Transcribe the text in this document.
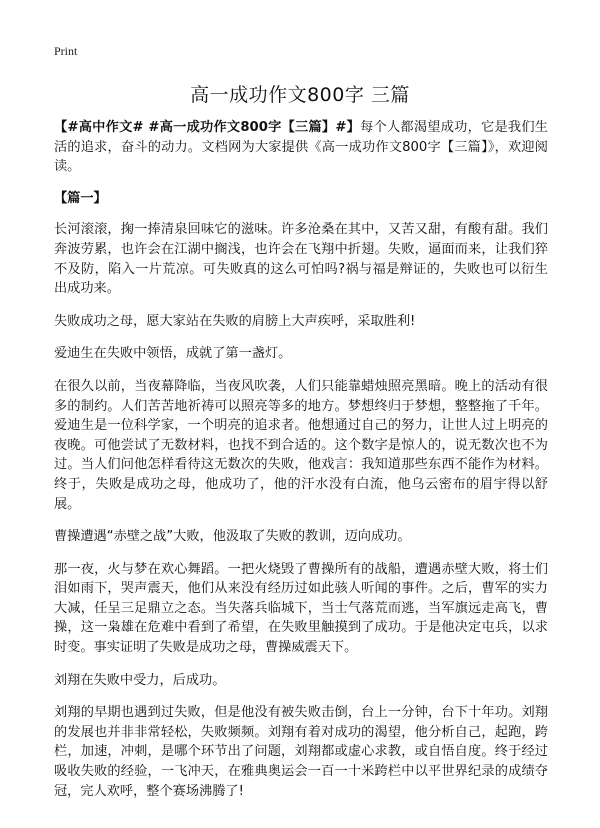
Print
高一成功作文800字 三篇

【#高中作文# #高一成功作文800字【三篇】#】每个人都渴望成功，它是我们生活的追求，奋斗的动力。文档网为大家提供《高一成功作文800字【三篇】》，欢迎阅读。

【篇一】

长河滚滚，掬一捧清泉回味它的滋味。许多沧桑在其中，又苦又甜，有酸有甜。我们奔波劳累，也许会在江湖中搁浅，也许会在飞翔中折翅。失败，逼面而来，让我们猝不及防，陷入一片荒凉。可失败真的这么可怕吗?祸与福是辩证的，失败也可以衍生出成功来。

失败成功之母，愿大家站在失败的肩膀上大声疾呼，采取胜利!

爱迪生在失败中领悟，成就了第一盏灯。

在很久以前，当夜幕降临，当夜风吹袭，人们只能靠蜡烛照亮黑暗。晚上的活动有很多的制约。人们苦苦地祈祷可以照亮等多的地方。梦想终归于梦想，整整拖了千年。爱迪生是一位科学家，一个明亮的追求者。他想通过自己的努力，让世人过上明亮的夜晚。可他尝试了无数材料，也找不到合适的。这个数字是惊人的，说无数次也不为过。当人们问他怎样看待这无数次的失败，他戏言：我知道那些东西不能作为材料。终于，失败是成功之母，他成功了，他的汗水没有白流，他乌云密布的眉宇得以舒展。

曹操遭遇“赤壁之战”大败，他汲取了失败的教训，迈向成功。

那一夜，火与梦在欢心舞蹈。一把火烧毁了曹操所有的战船，遭遇赤壁大败，将士们泪如雨下，哭声震天，他们从来没有经历过如此骇人听闻的事件。之后，曹军的实力大减，任呈三足鼎立之态。当失落兵临城下，当士气落荒而逃，当军旗远走高飞，曹操，这一枭雄在危难中看到了希望，在失败里触摸到了成功。于是他决定屯兵，以求时变。事实证明了失败是成功之母，曹操威震天下。

刘翔在失败中受力，后成功。

刘翔的早期也遇到过失败，但是他没有被失败击倒，台上一分钟，台下十年功。刘翔的发展也并非非常轻松，失败频频。刘翔有着对成功的渴望，他分析自己，起跑，跨栏，加速，冲刺，是哪个环节出了问题，刘翔都或虚心求教，或自悟自度。终于经过吸收失败的经验，一飞冲天，在雅典奥运会一百一十米跨栏中以平世界纪录的成绩夺冠，完人欢呼，整个赛场沸腾了!
